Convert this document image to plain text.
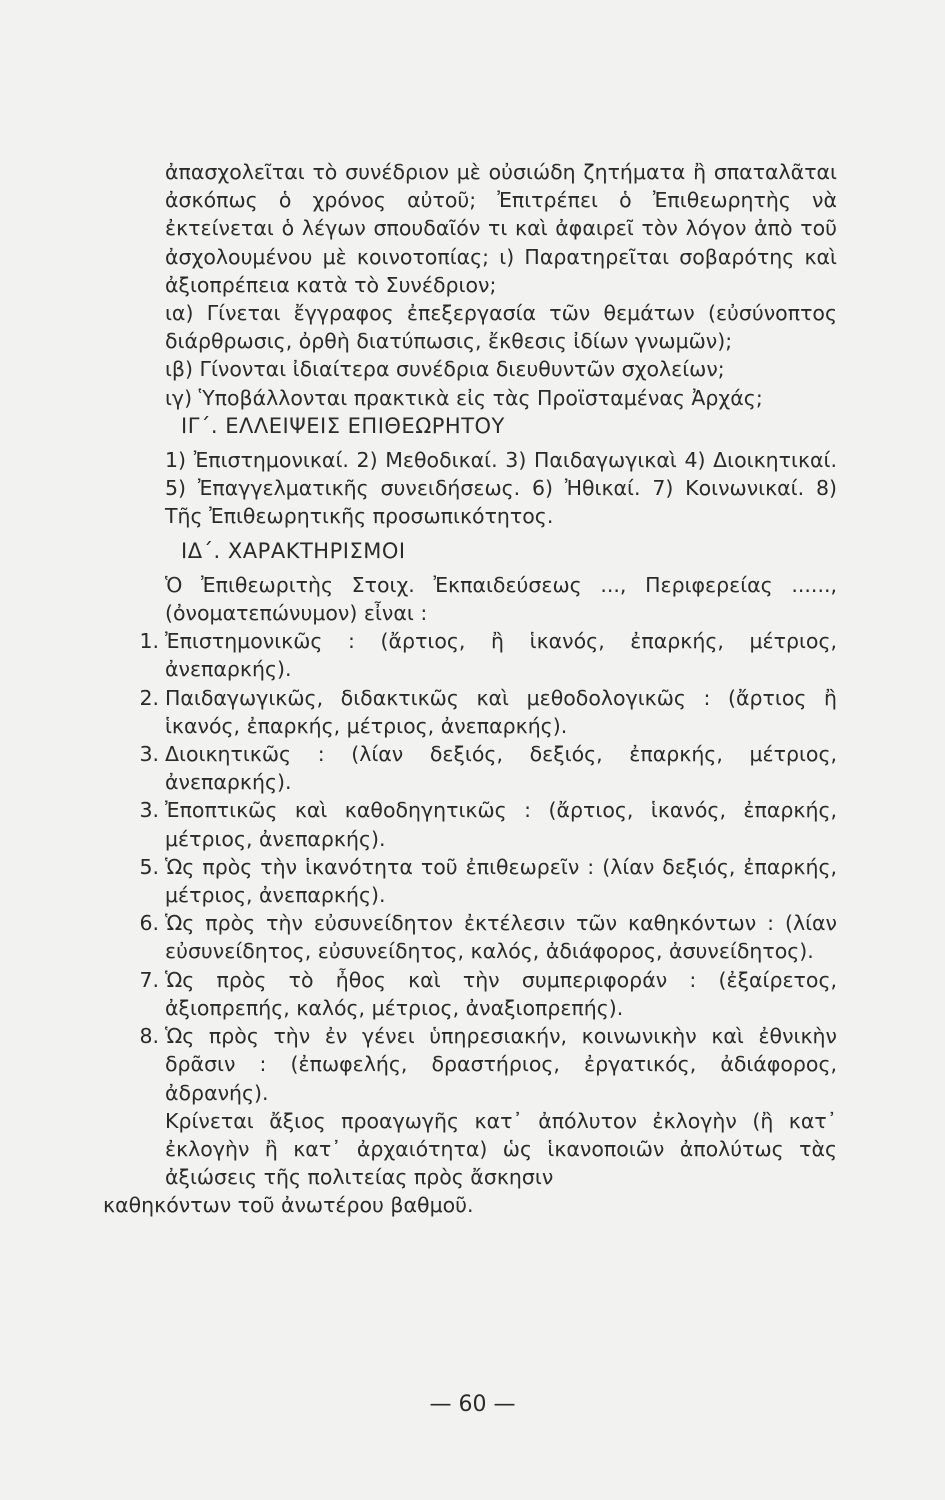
ἀπασχολεῖται τὸ συνέδριον μὲ οὐσιώδη ζητήματα ἢ σπαταλᾶται ἀσκόπως ὁ χρόνος αὐτοῦ; Ἐπιτρέπει ὁ Ἐπιθεωρητὴς νὰ ἐκτείνεται ὁ λέγων σπουδαῖόν τι καὶ ἀφαιρεῖ τὸν λόγον ἀπὸ τοῦ ἀσχολουμένου μὲ κοινοτοπίας; ι) Παρατηρεῖται σοβαρότης καὶ ἀξιοπρέπεια κατὰ τὸ Συνέδριον;

ια) Γίνεται ἔγγραφος ἐπεξεργασία τῶν θεμάτων (εὐσύνοπτος διάρθρωσις, ὀρθὴ διατύπωσις, ἔκθεσις ἰδίων γνωμῶν);

ιβ) Γίνονται ἰδιαίτερα συνέδρια διευθυντῶν σχολείων;

ιγ) Ὑποβάλλονται πρακτικὰ εἰς τὰς Προϊσταμένας Ἀρχάς;

ΙΓ΄. ΕΛΛΕΙΨΕΙΣ ΕΠΙΘΕΩΡΗΤΟΥ

1) Ἐπιστημονικαί. 2) Μεθοδικαί. 3) Παιδαγωγικαὶ 4) Διοικητικαί. 5) Ἐπαγγελματικῆς συνειδήσεως. 6) Ἠθικαί. 7) Κοινωνικαί. 8) Τῆς Ἐπιθεωρητικῆς προσωπικότητος.

ΙΔ΄. ΧΑΡΑΚΤΗΡΙΣΜΟΙ

Ὁ Ἐπιθεωριτὴς Στοιχ. Ἐκπαιδεύσεως ..., Περιφερείας ......, (ὀνοματεπώνυμον) εἶναι :

1. Ἐπιστημονικῶς : (ἄρτιος, ἢ ἱκανός, ἐπαρκής, μέτριος, ἀνεπαρκής).

2. Παιδαγωγικῶς, διδακτικῶς καὶ μεθοδολογικῶς : (ἄρτιος ἢ ἱκανός, ἐπαρκής, μέτριος, ἀνεπαρκής).

3. Διοικητικῶς : (λίαν δεξιός, δεξιός, ἐπαρκής, μέτριος, ἀνεπαρκής).

3. Ἐποπτικῶς καὶ καθοδηγητικῶς : (ἄρτιος, ἱκανός, ἐπαρκής, μέτριος, ἀνεπαρκής).

5. Ὡς πρὸς τὴν ἱκανότητα τοῦ ἐπιθεωρεῖν : (λίαν δεξιός, ἐπαρκής, μέτριος, ἀνεπαρκής).

6. Ὡς πρὸς τὴν εὐσυνείδητον ἐκτέλεσιν τῶν καθηκόντων : (λίαν εὐσυνείδητος, εὐσυνείδητος, καλός, ἀδιάφορος, ἀσυνείδητος).

7. Ὡς πρὸς τὸ ἦθος καὶ τὴν συμπεριφοράν : (ἐξαίρετος, ἀξιοπρεπής, καλός, μέτριος, ἀναξιοπρεπής).

8. Ὡς πρὸς τὴν ἐν γένει ὑπηρεσιακήν, κοινωνικὴν καὶ ἐθνικὴν δρᾶσιν : (ἐπωφελής, δραστήριος, ἐργατικός, ἀδιάφορος, ἀδρανής).

Κρίνεται ἄξιος προαγωγῆς κατ᾽ ἀπόλυτον ἐκλογὴν (ἢ κατ᾽ ἐκλογὴν ἢ κατ᾽ ἀρχαιότητα) ὡς ἱκανοποιῶν ἀπολύτως τὰς ἀξιώσεις τῆς πολιτείας πρὸς ἄσκησιν

καθηκόντων τοῦ ἀνωτέρου βαθμοῦ.

— 60 —
